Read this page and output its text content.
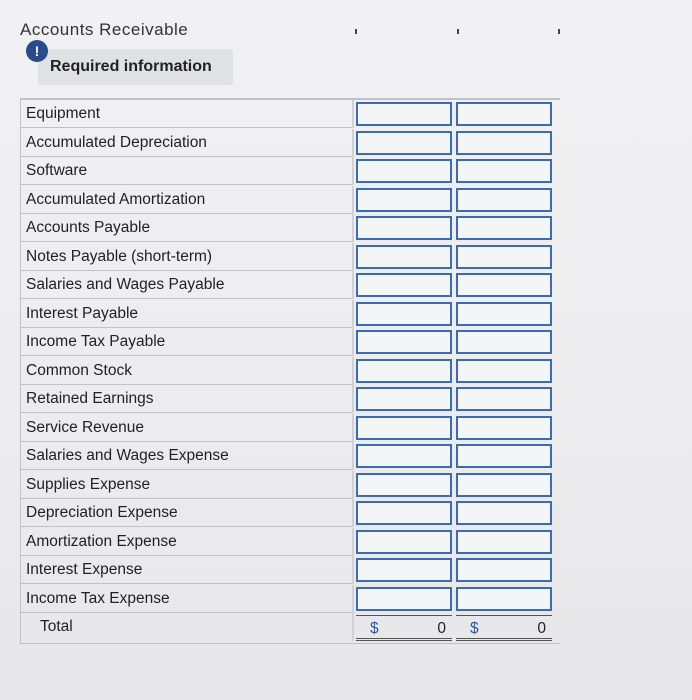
Accounts Receivable
Required information
!
Equipment
Accumulated Depreciation
Software
Accumulated Amortization
Accounts Payable
Notes Payable (short-term)
Salaries and Wages Payable
Interest Payable
Income Tax Payable
Common Stock
Retained Earnings
Service Revenue
Salaries and Wages Expense
Supplies Expense
Depreciation Expense
Amortization Expense
Interest Expense
Income Tax Expense
Total	$	0 $	0
